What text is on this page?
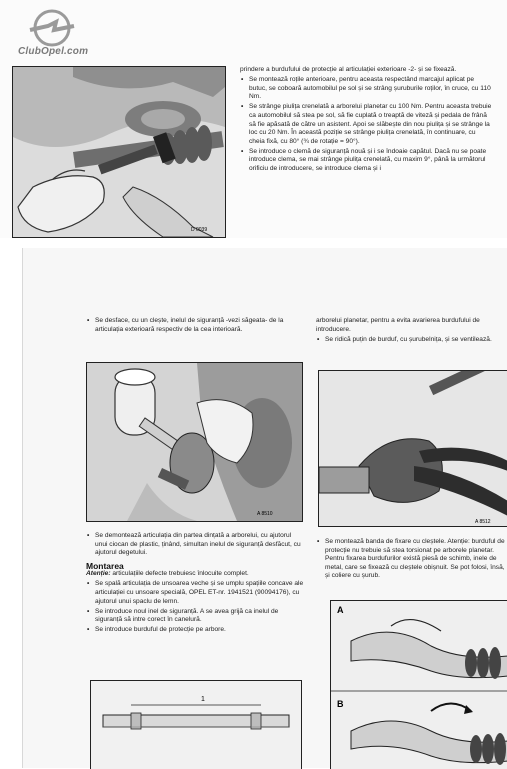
ClubOpel.com
D 0039

prindere a burdufului de protecție al articulației exterioare -2- și se fixează.

• Se montează roțile anterioare, pentru aceasta respectând marcajul aplicat pe butuc, se coboară automobilul pe sol și se strâng șuruburile roților, în cruce, cu 110 Nm.

• Se strânge piulița crenelată a arborelui planetar cu 100 Nm. Pentru aceasta trebuie ca automobilul să stea pe sol, să fie cuplată o treaptă de viteză și pedala de frână să fie apăsată de către un asistent. Apoi se slăbește din nou piulița și se strânge la loc cu 20 Nm. În această poziție se strânge piulița crenelată, în continuare, cu cheia fixă, cu 80° (¾ de rotație = 90°).

• Se introduce o clemă de siguranță nouă și i se îndoaie capătul. Dacă nu se poate introduce clema, se mai strânge piulița crenelată, cu maxim 9°, până la următorul orificiu de introducere, se introduce clema și i

• Se desface, cu un clește, inelul de siguranță -vezi săgeata- de la articulația exterioară respectiv de la cea interioară.

A 8510

• Se demontează articulația din partea dințată a arborelui, cu ajutorul unui ciocan de plastic, ținând, simultan inelul de siguranță desfăcut, cu ajutorul degetului.

Montarea

Atenție: articulațiile defecte trebuiesc înlocuite complet.

• Se spală articulația de unsoarea veche și se umplu spațiile concave ale articulației cu unsoare specială, OPEL ET-nr. 1941521 (90094176), cu ajutorul unui spaclu de lemn.

• Se introduce noul inel de siguranță. A se avea grijă ca inelul de siguranță să intre corect în canelură.

• Se introduce burduful de protecție pe arbore.

1

arborelui planetar, pentru a evita avarierea burdufului de introducere.

• Se ridică puțin de burduf, cu șurubelnița, și se ventilează.

A 8512

• Se montează banda de fixare cu cleștele. Atenție: burduful de protecție nu trebuie să stea torsionat pe arborele planetar. Pentru fixarea burdufurilor există piesă de schimb, inele de metal, care se fixează cu cleștele obișnuit. Se pot folosi, însă, și coliere cu șurub.

A
B
